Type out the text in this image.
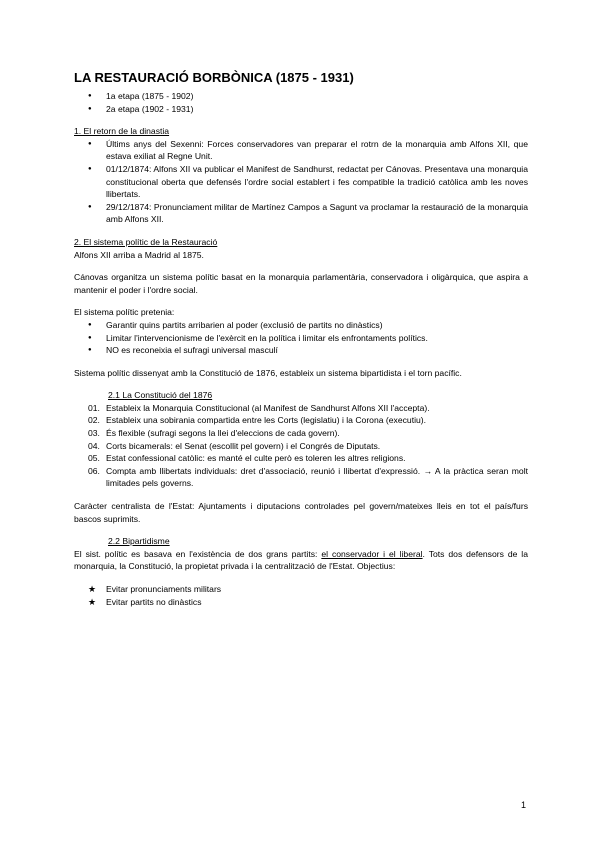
LA RESTAURACIÓ BORBÒNICA (1875 - 1931)
● 1a etapa (1875 - 1902)
● 2a etapa (1902 - 1931)
1. El retorn de la dinastia
● Últims anys del Sexenni: Forces conservadores van preparar el rotrn de la monarquia amb Alfons XII, que estava exiliat al Regne Unit.
● 01/12/1874: Alfons XII va publicar el Manifest de Sandhurst, redactat per Cánovas. Presentava una monarquia constitucional oberta que defensés l'ordre social establert i fes compatible la tradició catòlica amb les noves llibertats.
● 29/12/1874: Pronunciament militar de Martínez Campos a Sagunt va proclamar la restauració de la monarquia amb Alfons XII.
2. El sistema polític de la Restauració

Alfons XII arriba a Madrid al 1875.

Cánovas organitza un sistema polític basat en la monarquia parlamentària, conservadora i oligàrquica, que aspira a mantenir el poder i l'ordre social.

El sistema polític pretenia:

● Garantir quins partits arribarien al poder (exclusió de partits no dinàstics)
● Limitar l'intervencionisme de l'exèrcit en la política i limitar els enfrontaments polítics.
● NO es reconeixia el sufragi universal masculí

Sistema polític dissenyat amb la Constitució de 1876, estableix un sistema bipartidista i el torn pacífic.

2.1 La Constitució del 1876
01. Estableix la Monarquia Constitucional (al Manifest de Sandhurst Alfons XII l'accepta).
02. Estableix una sobirania compartida entre les Corts (legislatiu) i la Corona (executiu).
03. És flexible (sufragi segons la llei d'eleccions de cada govern).
04. Corts bicamerals: el Senat (escollit pel govern) i el Congrés de Diputats.
05. Estat confessional catòlic: es manté el culte però es toleren les altres religions.
06. Compta amb llibertats individuals: dret d'associació, reunió i llibertat d'expressió. → A la pràctica seran molt limitades pels governs.

Caràcter centralista de l'Estat: Ajuntaments i diputacions controlades pel govern/mateixes lleis en tot el país/furs bascos suprimits.

2.2 Bipartidisme

El sist. polític es basava en l'existència de dos grans partits: el conservador i el liberal. Tots dos defensors de la monarquia, la Constitució, la propietat privada i la centralització de l'Estat. Objectius:

★ Evitar pronunciaments militars
★ Evitar partits no dinàstics
1
